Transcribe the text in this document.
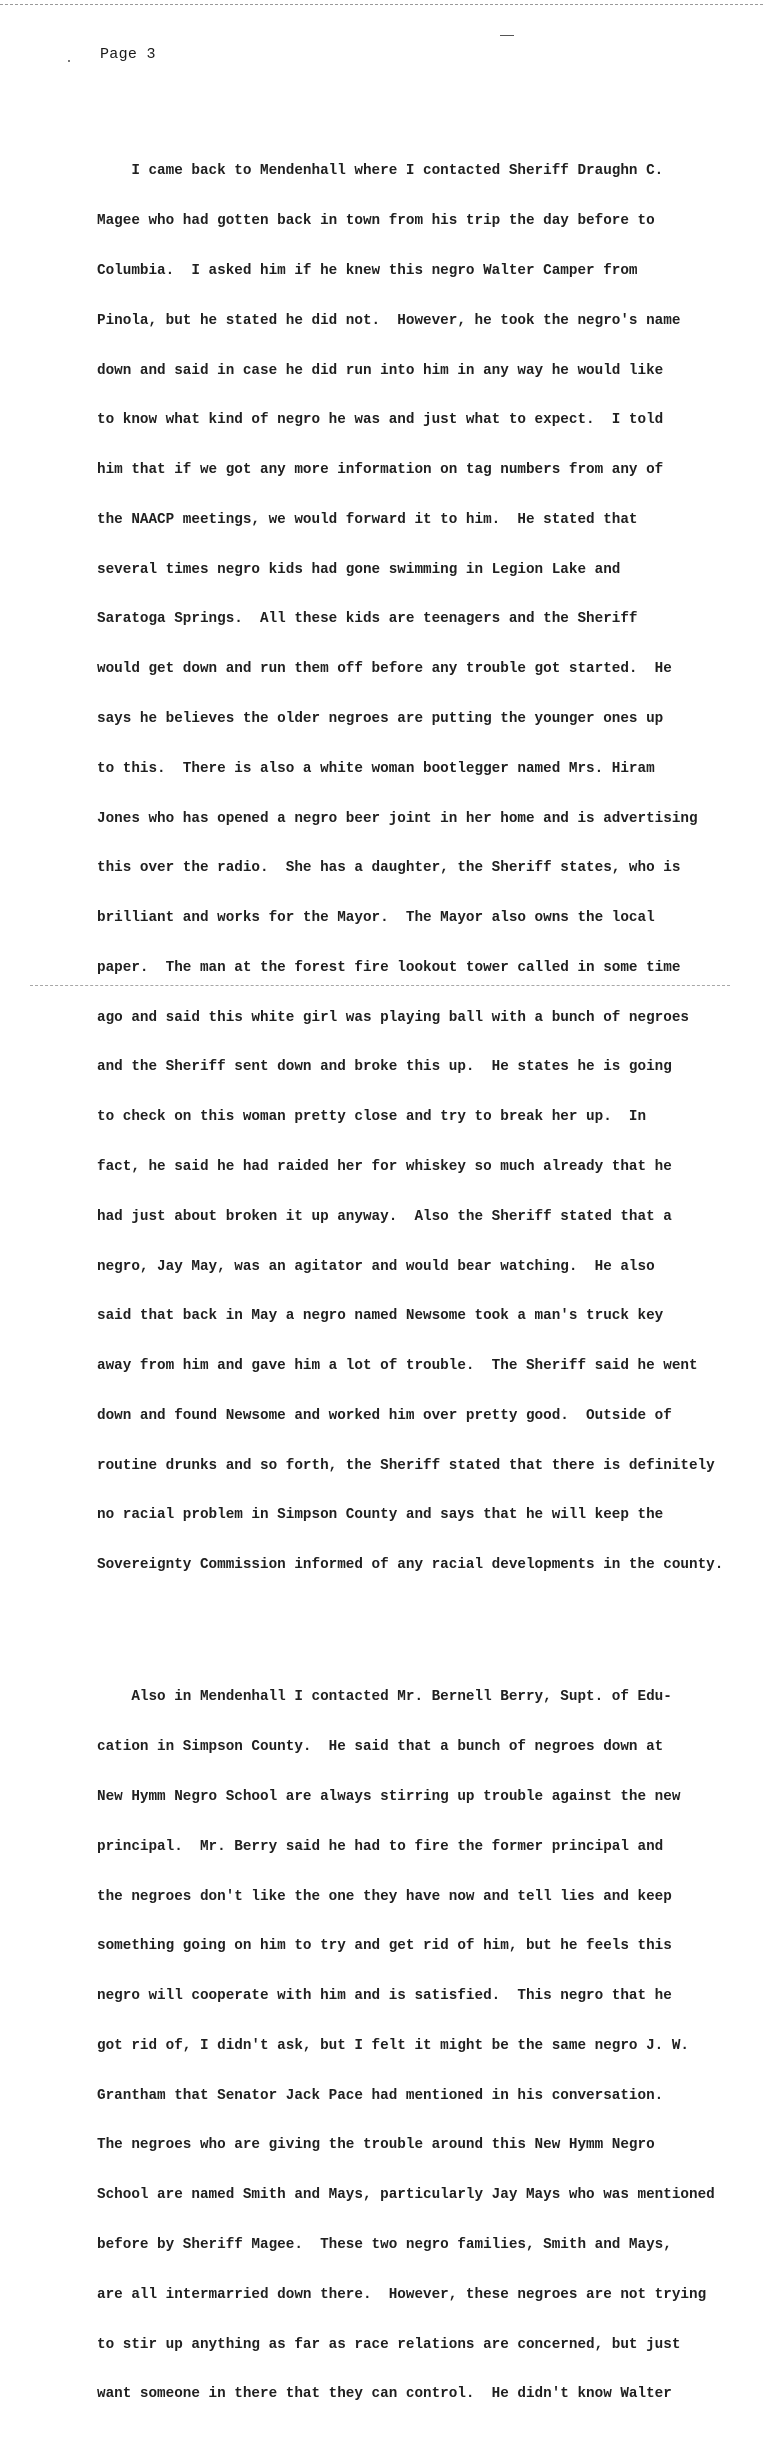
Page 3

I came back to Mendenhall where I contacted Sheriff Draughn C.

Magee who had gotten back in town from his trip the day before to

Columbia.  I asked him if he knew this negro Walter Camper from

Pinola, but he stated he did not.  However, he took the negro's name

down and said in case he did run into him in any way he would like

to know what kind of negro he was and just what to expect.  I told

him that if we got any more information on tag numbers from any of

the NAACP meetings, we would forward it to him.  He stated that

several times negro kids had gone swimming in Legion Lake and

Saratoga Springs.  All these kids are teenagers and the Sheriff

would get down and run them off before any trouble got started.  He

says he believes the older negroes are putting the younger ones up

to this.  There is also a white woman bootlegger named Mrs. Hiram

Jones who has opened a negro beer joint in her home and is advertising

this over the radio.  She has a daughter, the Sheriff states, who is

brilliant and works for the Mayor.  The Mayor also owns the local

paper.  The man at the forest fire lookout tower called in some time

ago and said this white girl was playing ball with a bunch of negroes

and the Sheriff sent down and broke this up.  He states he is going

to check on this woman pretty close and try to break her up.  In

fact, he said he had raided her for whiskey so much already that he

had just about broken it up anyway.  Also the Sheriff stated that a

negro, Jay May, was an agitator and would bear watching.  He also

said that back in May a negro named Newsome took a man's truck key

away from him and gave him a lot of trouble.  The Sheriff said he went

down and found Newsome and worked him over pretty good.  Outside of

routine drunks and so forth, the Sheriff stated that there is definitely

no racial problem in Simpson County and says that he will keep the

Sovereignty Commission informed of any racial developments in the county.

Also in Mendenhall I contacted Mr. Bernell Berry, Supt. of Edu-

cation in Simpson County.  He said that a bunch of negroes down at

New Hymm Negro School are always stirring up trouble against the new

principal.  Mr. Berry said he had to fire the former principal and

the negroes don't like the one they have now and tell lies and keep

something going on him to try and get rid of him, but he feels this

negro will cooperate with him and is satisfied.  This negro that he

got rid of, I didn't ask, but I felt it might be the same negro J. W.

Grantham that Senator Jack Pace had mentioned in his conversation.

The negroes who are giving the trouble around this New Hymm Negro

School are named Smith and Mays, particularly Jay Mays who was mentioned

before by Sheriff Magee.  These two negro families, Smith and Mays,

are all intermarried down there.  However, these negroes are not trying

to stir up anything as far as race relations are concerned, but just

want someone in there that they can control.  He didn't know Walter
